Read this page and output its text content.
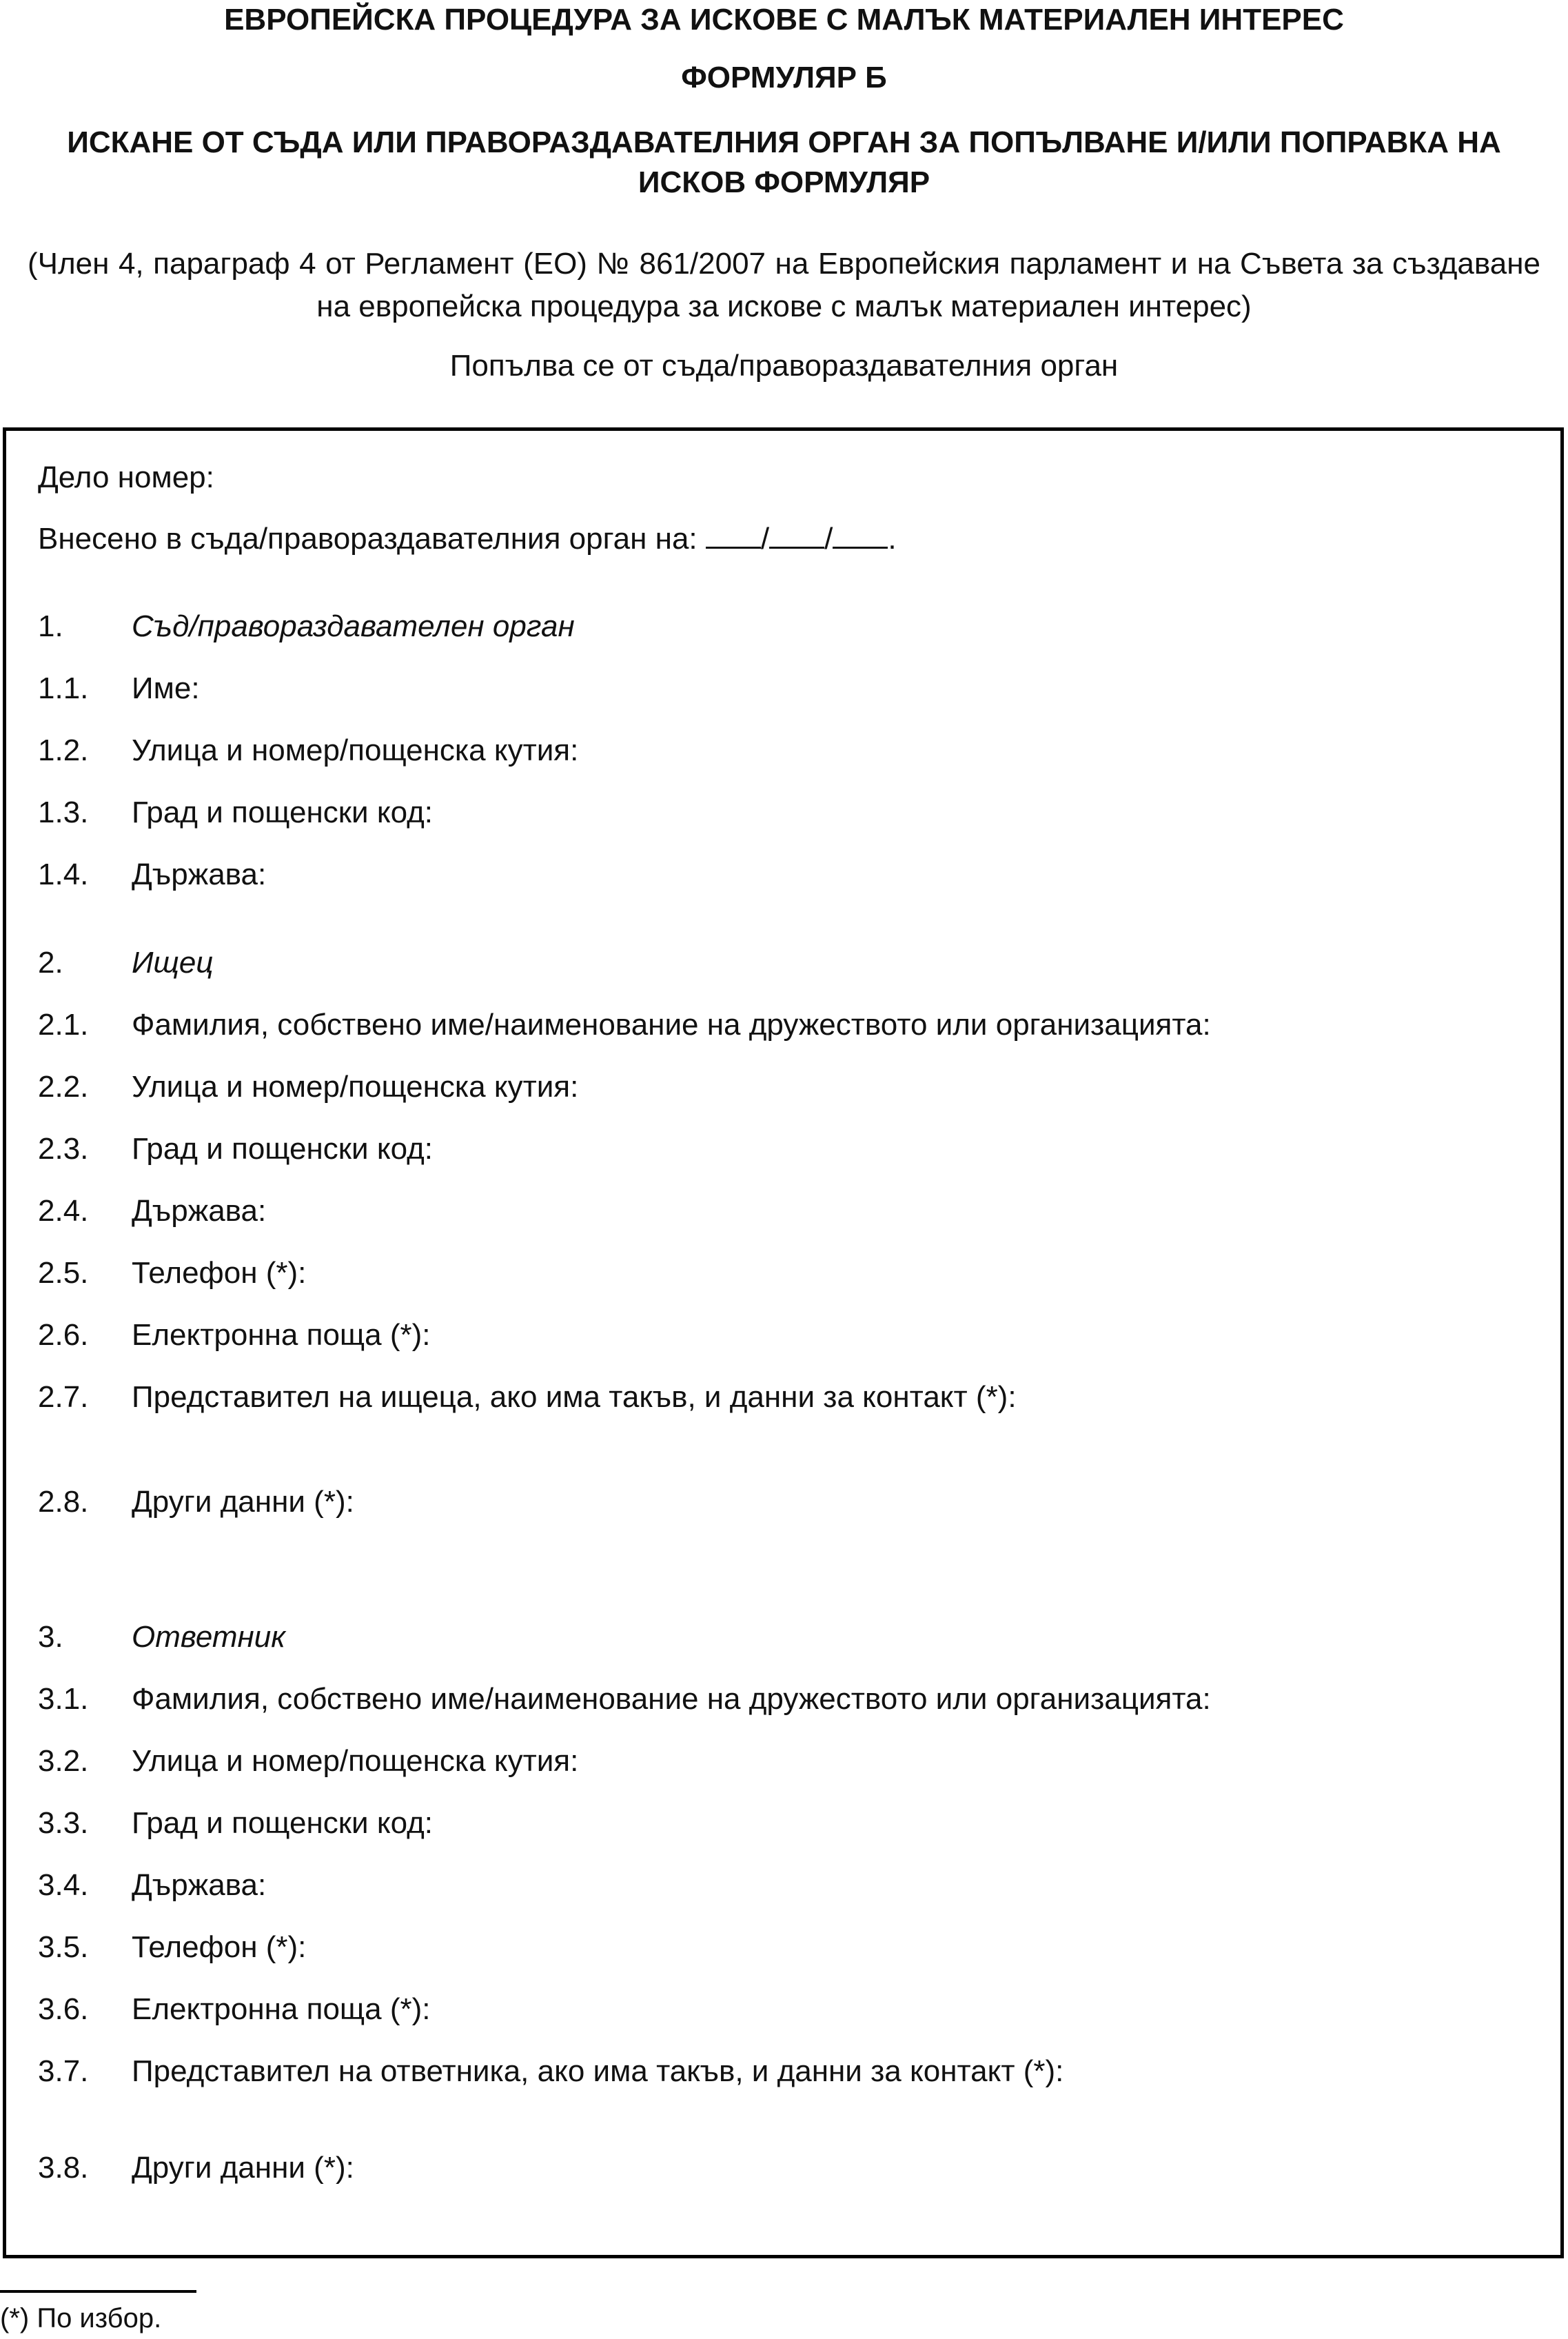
ЕВРОПЕЙСКА ПРОЦЕДУРА ЗА ИСКОВЕ С МАЛЪК МАТЕРИАЛЕН ИНТЕРЕС
ФОРМУЛЯР Б
ИСКАНЕ ОТ СЪДА ИЛИ ПРАВОРАЗДАВАТЕЛНИЯ ОРГАН ЗА ПОПЪЛВАНЕ И/ИЛИ ПОПРАВКА НА ИСКОВ ФОРМУЛЯР
(Член 4, параграф 4 от Регламент (ЕО) № 861/2007 на Европейския парламент и на Съвета за създаване на европейска процедура за искове с малък материален интерес)
Попълва се от съда/правораздавателния орган
Дело номер:
Внесено в съда/правораздавателния орган на: / / .
1. Съд/правораздавателен орган
1.1. Име:
1.2. Улица и номер/пощенска кутия:
1.3. Град и пощенски код:
1.4. Държава:
2. Ищец
2.1. Фамилия, собствено име/наименование на дружеството или организацията:
2.2. Улица и номер/пощенска кутия:
2.3. Град и пощенски код:
2.4. Държава:
2.5. Телефон (*):
2.6. Електронна поща (*):
2.7. Представител на ищеца, ако има такъв, и данни за контакт (*):
2.8. Други данни (*):
3. Ответник
3.1. Фамилия, собствено име/наименование на дружеството или организацията:
3.2. Улица и номер/пощенска кутия:
3.3. Град и пощенски код:
3.4. Държава:
3.5. Телефон (*):
3.6. Електронна поща (*):
3.7. Представител на ответника, ако има такъв, и данни за контакт (*):
3.8. Други данни (*):
(*) По избор.
